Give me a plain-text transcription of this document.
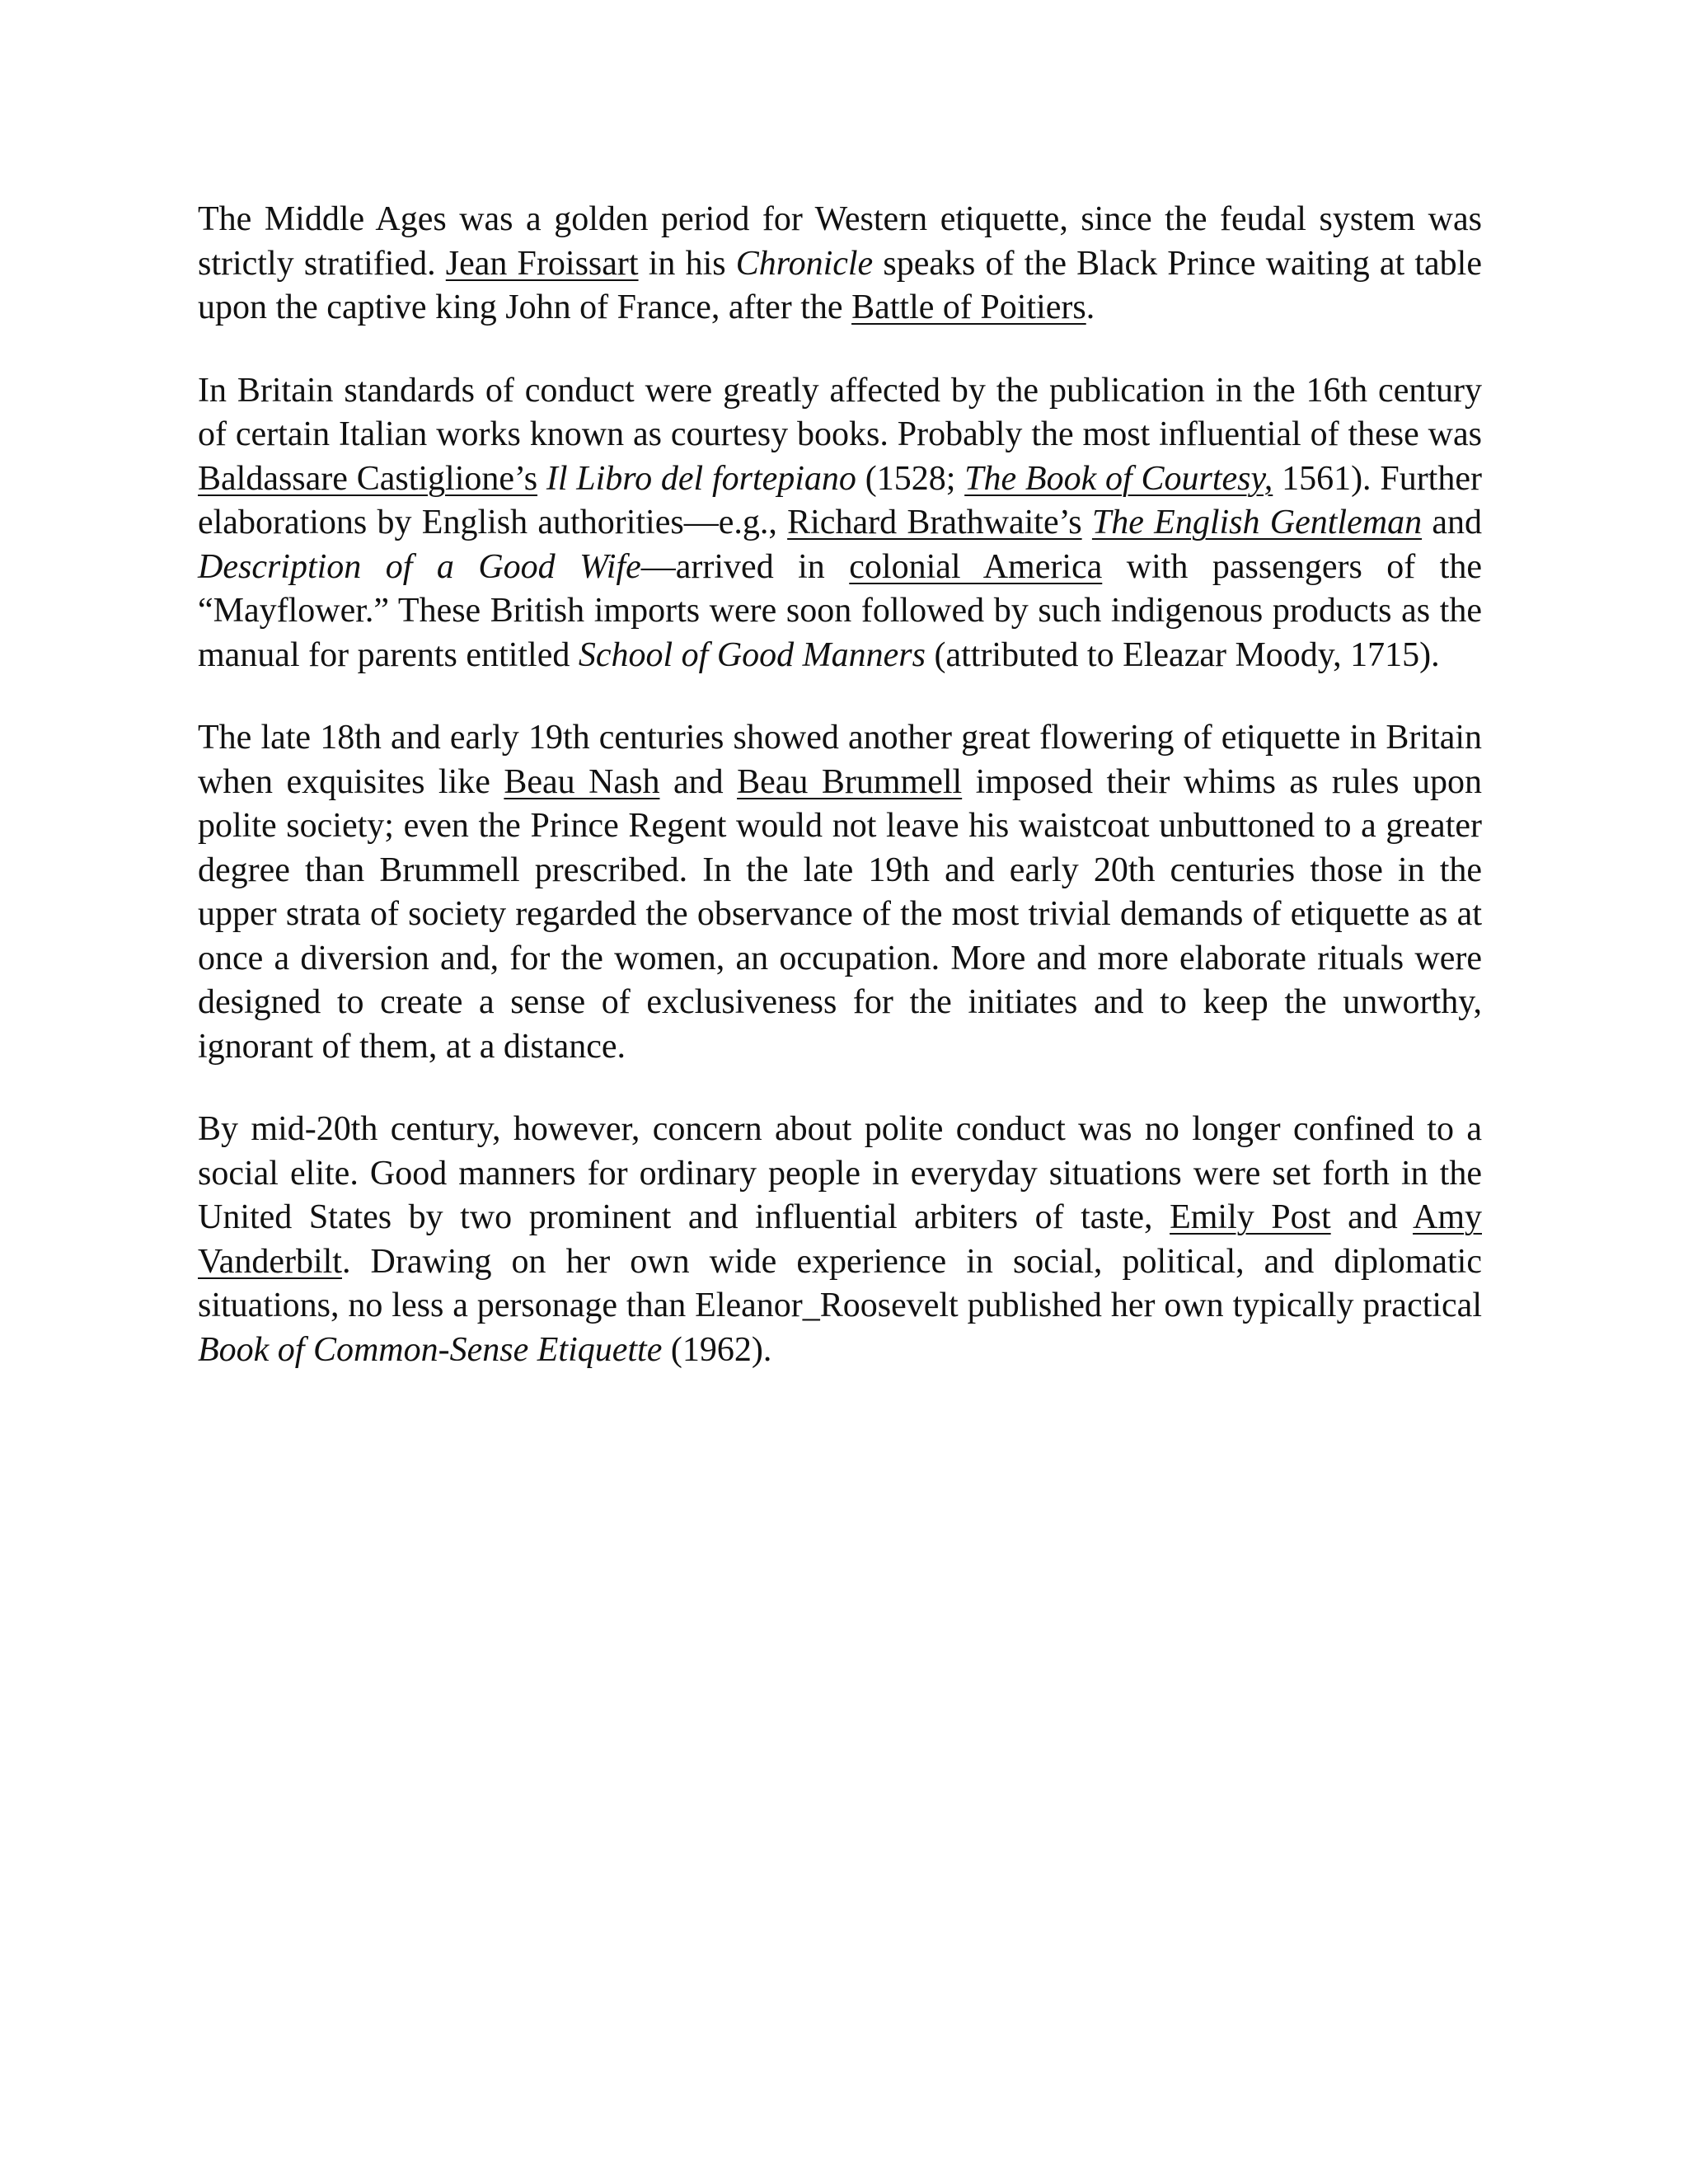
The Middle Ages was a golden period for Western etiquette, since the feudal system was strictly stratified. Jean Froissart in his Chronicle speaks of the Black Prince waiting at table upon the captive king John of France, after the Battle of Poitiers.

In Britain standards of conduct were greatly affected by the publication in the 16th century of certain Italian works known as courtesy books. Probably the most influential of these was Baldassare Castiglione’s Il Libro del fortepiano (1528; The Book of Courtesy, 1561). Further elaborations by English authorities—e.g., Richard Brathwaite’s The English Gentleman and Description of a Good Wife—arrived in colonial America with passengers of the “Mayflower.” These British imports were soon followed by such indigenous products as the manual for parents entitled School of Good Manners (attributed to Eleazar Moody, 1715).

The late 18th and early 19th centuries showed another great flowering of etiquette in Britain when exquisites like Beau Nash and Beau Brummell imposed their whims as rules upon polite society; even the Prince Regent would not leave his waistcoat unbuttoned to a greater degree than Brummell prescribed. In the late 19th and early 20th centuries those in the upper strata of society regarded the observance of the most trivial demands of etiquette as at once a diversion and, for the women, an occupation. More and more elaborate rituals were designed to create a sense of exclusiveness for the initiates and to keep the unworthy, ignorant of them, at a distance.

By mid-20th century, however, concern about polite conduct was no longer confined to a social elite. Good manners for ordinary people in everyday situations were set forth in the United States by two prominent and influential arbiters of taste, Emily Post and Amy Vanderbilt. Drawing on her own wide experience in social, political, and diplomatic situations, no less a personage than Eleanor_Roosevelt published her own typically practical Book of Common-Sense Etiquette (1962).
